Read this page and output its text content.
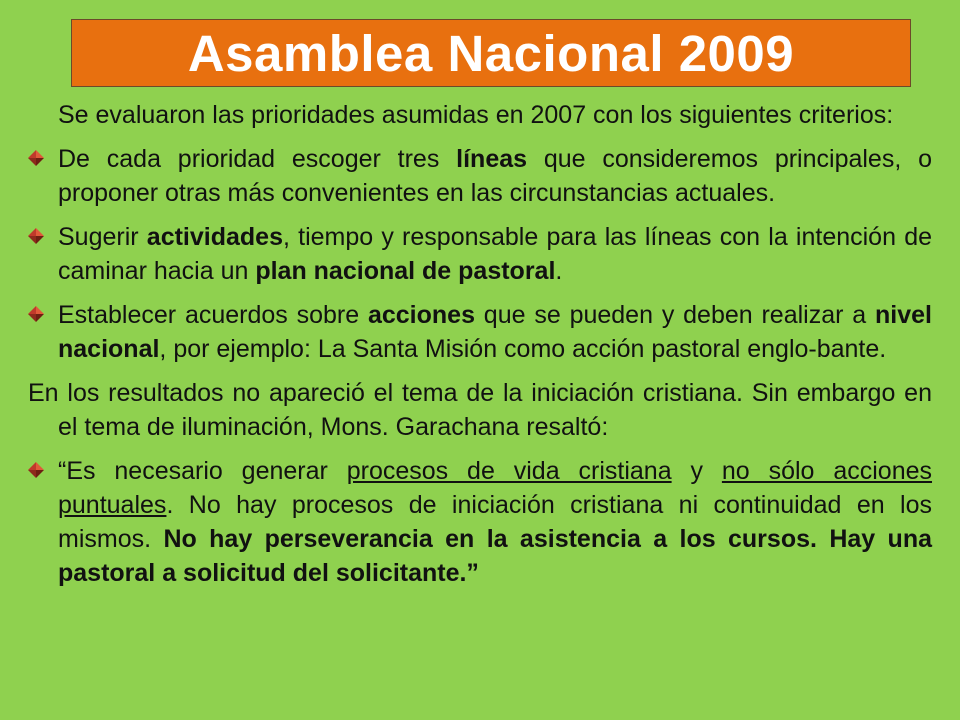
Asamblea Nacional 2009

Se evaluaron las prioridades asumidas en 2007 con los siguientes criterios:

De cada prioridad escoger tres líneas que consideremos principales, o proponer otras más convenientes en las circunstancias actuales.

Sugerir actividades, tiempo y responsable para las líneas con la intención de caminar hacia un plan nacional de pastoral.

Establecer acuerdos sobre acciones que se pueden y deben realizar a nivel nacional, por ejemplo: La Santa Misión como acción pastoral englo-bante.

En los resultados no apareció el tema de la iniciación cristiana. Sin embargo en el tema de iluminación, Mons. Garachana resaltó:

“Es necesario generar procesos de vida cristiana y no sólo acciones puntuales. No hay procesos de iniciación cristiana ni continuidad en los mismos. No hay perseverancia en la asistencia a los cursos. Hay una pastoral a solicitud del solicitante.”
